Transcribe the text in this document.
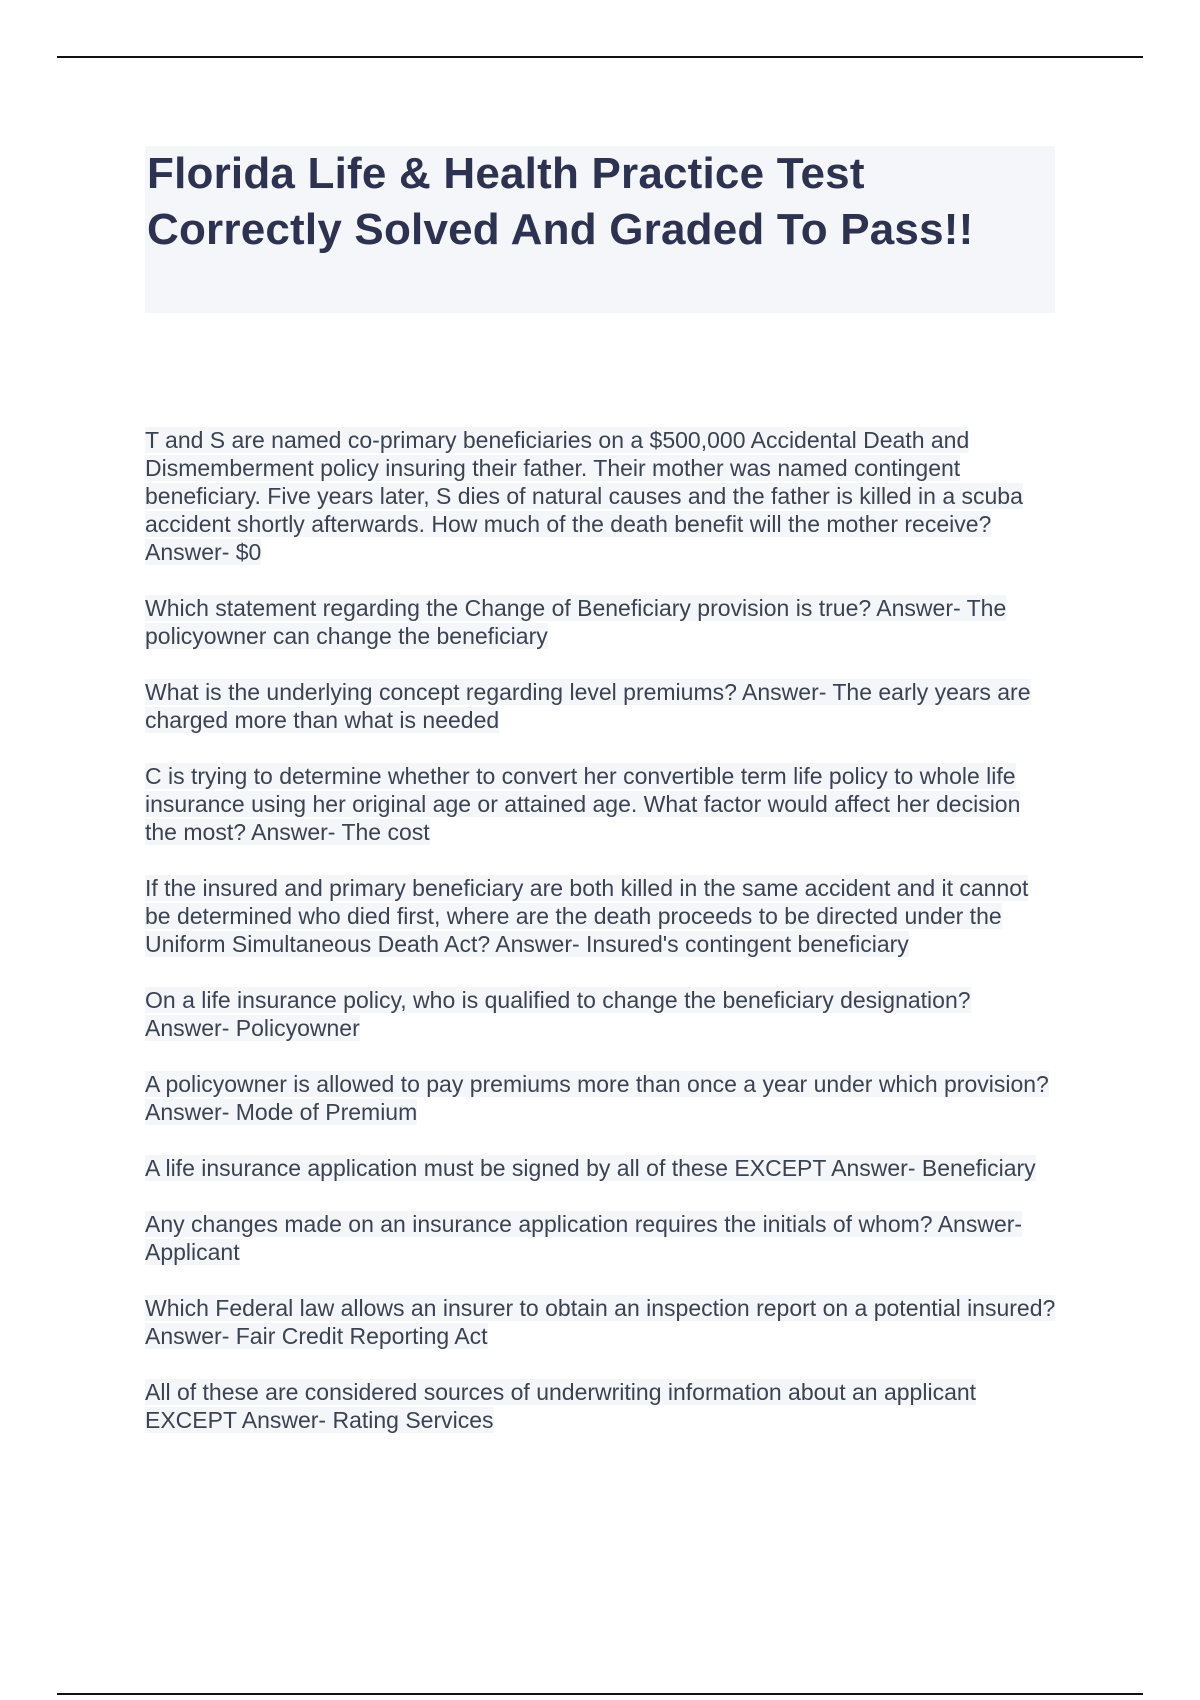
Florida Life & Health Practice Test Correctly Solved And Graded To Pass!!

T and S are named co-primary beneficiaries on a $500,000 Accidental Death and Dismemberment policy insuring their father. Their mother was named contingent beneficiary. Five years later, S dies of natural causes and the father is killed in a scuba accident shortly afterwards. How much of the death benefit will the mother receive? Answer- $0

Which statement regarding the Change of Beneficiary provision is true? Answer- The policyowner can change the beneficiary

What is the underlying concept regarding level premiums? Answer- The early years are charged more than what is needed

C is trying to determine whether to convert her convertible term life policy to whole life insurance using her original age or attained age. What factor would affect her decision the most? Answer- The cost

If the insured and primary beneficiary are both killed in the same accident and it cannot be determined who died first, where are the death proceeds to be directed under the Uniform Simultaneous Death Act? Answer- Insured's contingent beneficiary

On a life insurance policy, who is qualified to change the beneficiary designation? Answer- Policyowner

A policyowner is allowed to pay premiums more than once a year under which provision? Answer- Mode of Premium

A life insurance application must be signed by all of these EXCEPT Answer- Beneficiary

Any changes made on an insurance application requires the initials of whom? Answer- Applicant

Which Federal law allows an insurer to obtain an inspection report on a potential insured? Answer- Fair Credit Reporting Act

All of these are considered sources of underwriting information about an applicant EXCEPT Answer- Rating Services
